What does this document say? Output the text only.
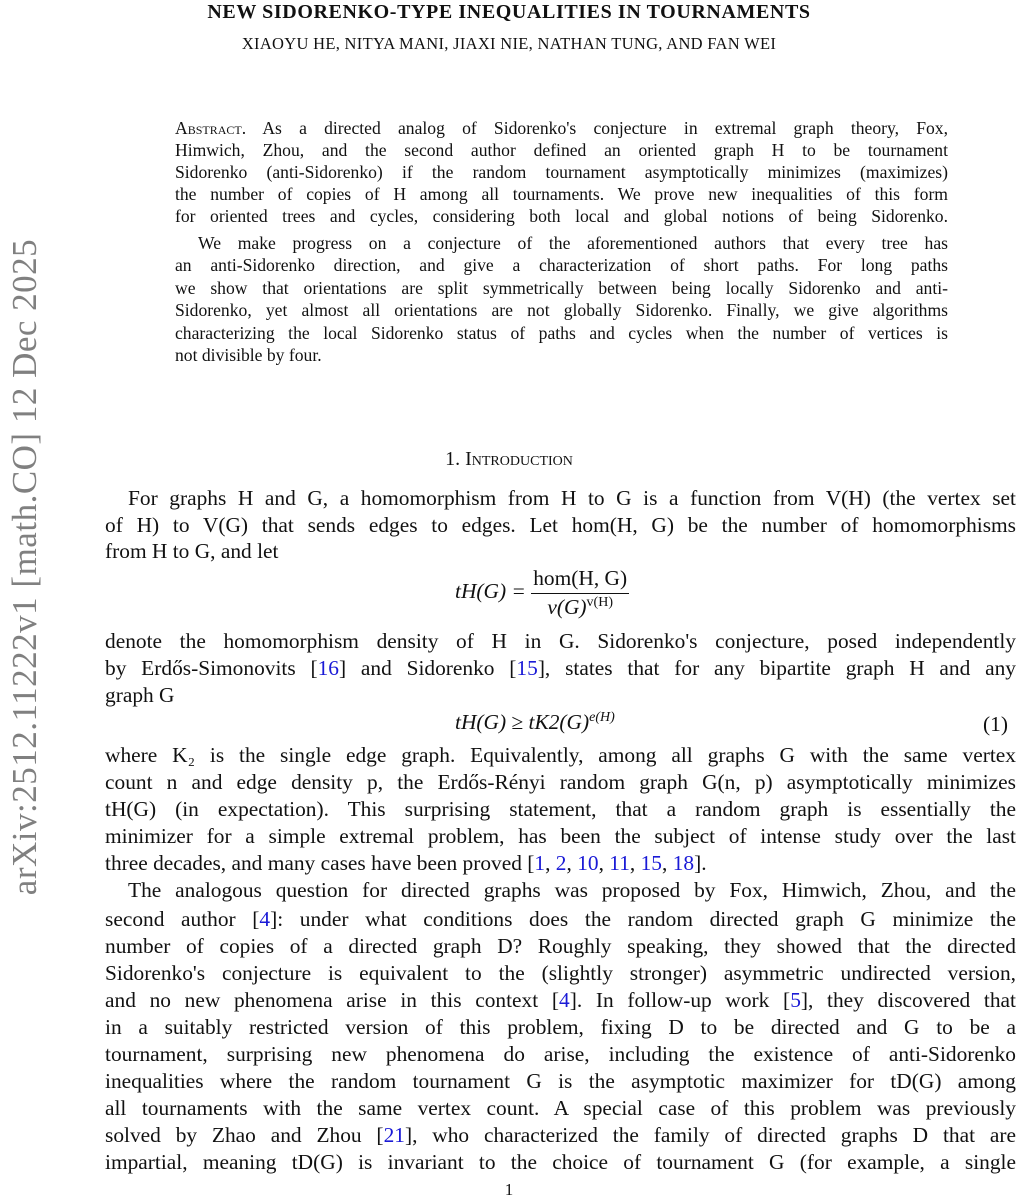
arXiv:2512.11222v1 [math.CO] 12 Dec 2025
NEW SIDORENKO-TYPE INEQUALITIES IN TOURNAMENTS
XIAOYU HE, NITYA MANI, JIAXI NIE, NATHAN TUNG, AND FAN WEI
Abstract. As a directed analog of Sidorenko's conjecture in extremal graph theory, Fox,
Himwich, Zhou, and the second author defined an oriented graph H to be tournament
Sidorenko (anti-Sidorenko) if the random tournament asymptotically minimizes (maximizes)
the number of copies of H among all tournaments. We prove new inequalities of this form
for oriented trees and cycles, considering both local and global notions of being Sidorenko.
We make progress on a conjecture of the aforementioned authors that every tree has
an anti-Sidorenko direction, and give a characterization of short paths. For long paths
we show that orientations are split symmetrically between being locally Sidorenko and anti-
Sidorenko, yet almost all orientations are not globally Sidorenko. Finally, we give algorithms
characterizing the local Sidorenko status of paths and cycles when the number of vertices is
not divisible by four.
1. Introduction
For graphs H and G, a homomorphism from H to G is a function from V(H) (the vertex set
of H) to V(G) that sends edges to edges. Let hom(H, G) be the number of homomorphisms
from H to G, and let
denote the homomorphism density of H in G. Sidorenko's conjecture, posed independently
by Erdős-Simonovits [16] and Sidorenko [15], states that for any bipartite graph H and any
graph G
where K₂ is the single edge graph. Equivalently, among all graphs G with the same vertex
count n and edge density p, the Erdős-Rényi random graph G(n, p) asymptotically minimizes
tH(G) (in expectation). This surprising statement, that a random graph is essentially the
minimizer for a simple extremal problem, has been the subject of intense study over the last
three decades, and many cases have been proved [1, 2, 10, 11, 15, 18].
The analogous question for directed graphs was proposed by Fox, Himwich, Zhou, and the
second author [4]: under what conditions does the random directed graph G minimize the
number of copies of a directed graph D? Roughly speaking, they showed that the directed
Sidorenko's conjecture is equivalent to the (slightly stronger) asymmetric undirected version,
and no new phenomena arise in this context [4]. In follow-up work [5], they discovered that
in a suitably restricted version of this problem, fixing D to be directed and G to be a
tournament, surprising new phenomena do arise, including the existence of anti-Sidorenko
inequalities where the random tournament G is the asymptotic maximizer for tD(G) among
all tournaments with the same vertex count. A special case of this problem was previously
solved by Zhao and Zhou [21], who characterized the family of directed graphs D that are
impartial, meaning tD(G) is invariant to the choice of tournament G (for example, a single
$tH(G) = \frac{\text{hom(H, G)}}{v(G)^{v(H)}}$
$tH(G) \ge tK2(G)^{e(H)}$	(1)
1
